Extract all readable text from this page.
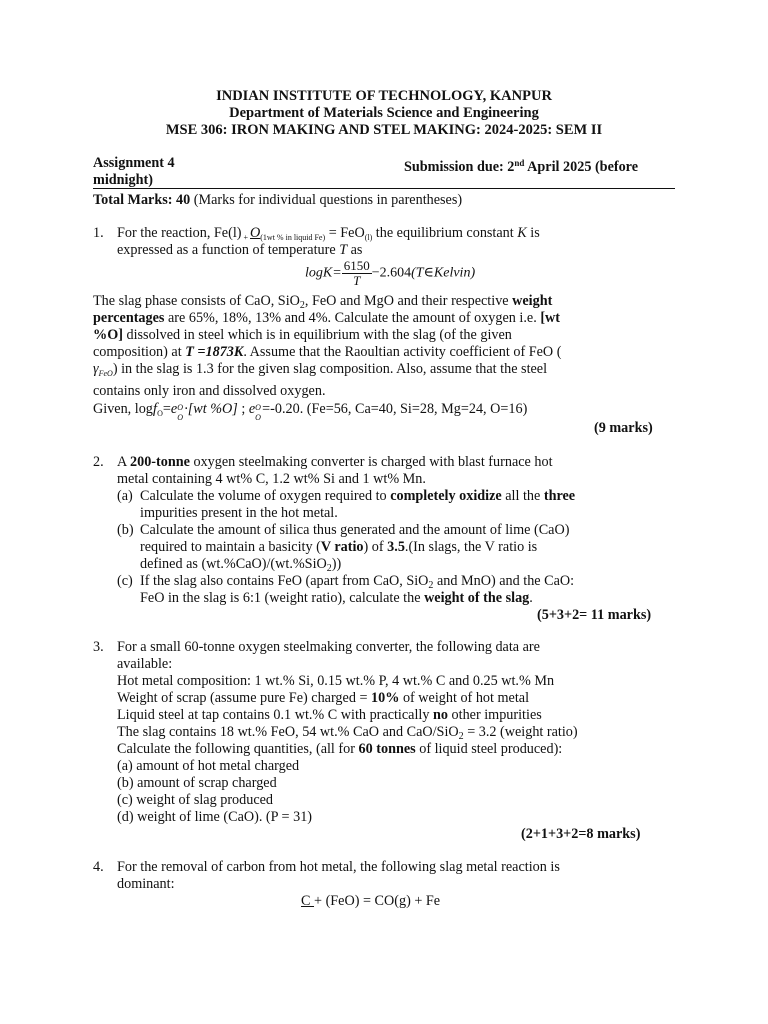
INDIAN INSTITUTE OF TECHNOLOGY, KANPUR
Department of Materials Science and Engineering
MSE 306: IRON MAKING AND STEL MAKING: 2024-2025: SEM II
Assignment 4	Submission due: 2nd April 2025 (before
midnight)
Total Marks: 40 (Marks for individual questions in parentheses)
1. For the reaction, Fe(l) $_+$ $O_{(1wt \% in liquid Fe)} = FeO_{(l)}$ the equilibrium constant K is
expressed as a function of temperature T as
$\log K= \frac{6150}{T}$ −2.604(T∈Kelvin)
The slag phase consists of CaO, SiO$_2$, FeO and MgO and their respective weight
percentages are 65%, 18%, 13% and 4%. Calculate the amount of oxygen i.e. [wt
%O] dissolved in steel which is in equilibrium with the slag (of the given
composition) at T =1873K. Assume that the Raoultian activity coefficient of FeO (
$\gamma_{FeO}$) in the slag is 1.3 for the given slag composition. Also, assume that the steel
contains only iron and dissolved oxygen.
Given, logf$_O$=e O
O
·[wt %O] ; e O
O
=-0.20. (Fe=56, Ca=40, Si=28, Mg=24, O=16)
(9 marks)
2. A 200-tonne oxygen steelmaking converter is charged with blast furnace hot
metal containing 4 wt% C, 1.2 wt% Si and 1 wt% Mn.
(a) Calculate the volume of oxygen required to completely oxidize all the three
impurities present in the hot metal.
(b) Calculate the amount of silica thus generated and the amount of lime (CaO)
required to maintain a basicity (V ratio) of 3.5.(In slags, the V ratio is
defined as (wt.%CaO)/(wt.%SiO$_2$))
(c) If the slag also contains FeO (apart from CaO, SiO$_2$ and MnO) and the CaO:
FeO in the slag is 6:1 (weight ratio), calculate the weight of the slag.
(5+3+2= 11 marks)
3. For a small 60-tonne oxygen steelmaking converter, the following data are
available:
Hot metal composition: 1 wt.% Si, 0.15 wt.% P, 4 wt.% C and 0.25 wt.% Mn
Weight of scrap (assume pure Fe) charged = 10% of weight of hot metal
Liquid steel at tap contains 0.1 wt.% C with practically no other impurities
The slag contains 18 wt.% FeO, 54 wt.% CaO and CaO/SiO$_2$ = 3.2 (weight ratio)
Calculate the following quantities, (all for 60 tonnes of liquid steel produced):
(a) amount of hot metal charged
(b) amount of scrap charged
(c) weight of slag produced
(d) weight of lime (CaO). (P = 31)
(2+1+3+2=8 marks)
4. For the removal of carbon from hot metal, the following slag metal reaction is
dominant:
C + (FeO) = CO(g) + Fe
